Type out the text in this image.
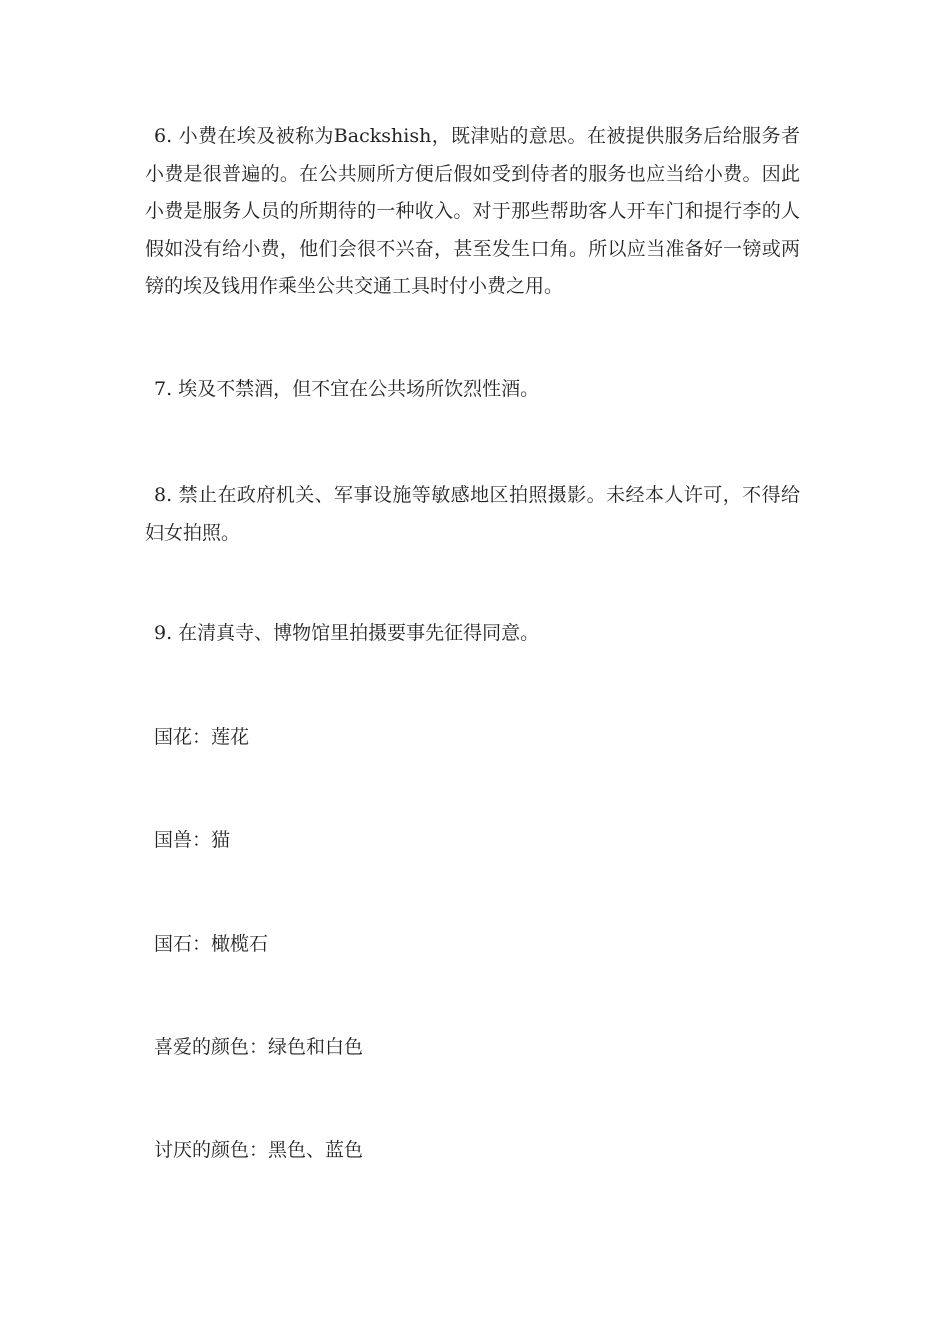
6. 小费在埃及被称为Backshish，既津贴的意思。在被提供服务后给服务者小费是很普遍的。在公共厕所方便后假如受到侍者的服务也应当给小费。因此小费是服务人员的所期待的一种收入。对于那些帮助客人开车门和提行李的人假如没有给小费，他们会很不兴奋，甚至发生口角。所以应当准备好一镑或两镑的埃及钱用作乘坐公共交通工具时付小费之用。

7. 埃及不禁酒，但不宜在公共场所饮烈性酒。

8. 禁止在政府机关、军事设施等敏感地区拍照摄影。未经本人许可，不得给妇女拍照。

9. 在清真寺、博物馆里拍摄要事先征得同意。

国花：莲花

国兽：猫

国石：橄榄石

喜爱的颜色：绿色和白色

讨厌的颜色：黑色、蓝色
